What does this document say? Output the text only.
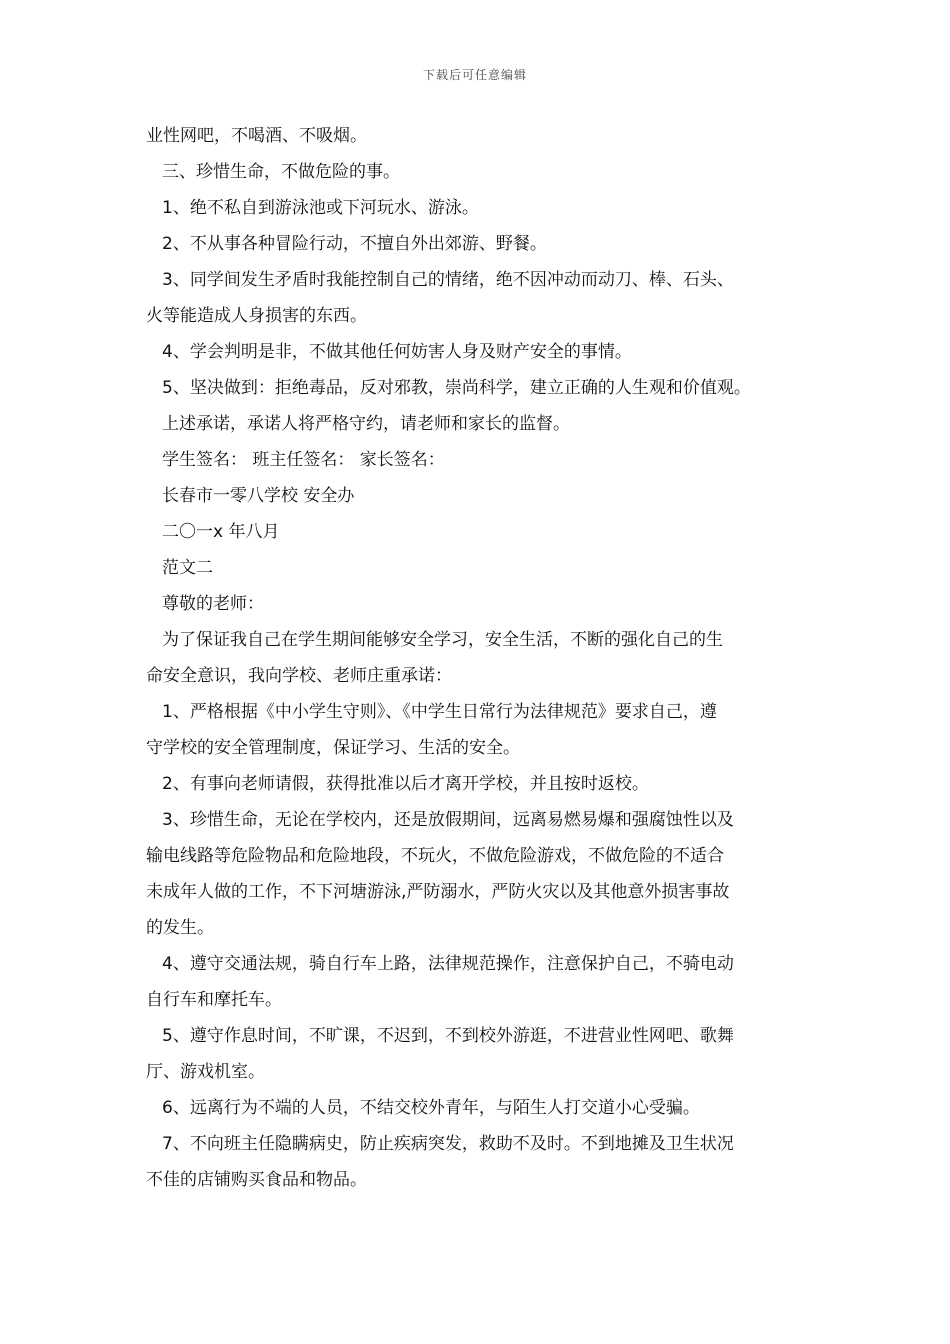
下载后可任意编辑
业性网吧，不喝酒、不吸烟。
三、珍惜生命，不做危险的事。
1、绝不私自到游泳池或下河玩水、游泳。
2、不从事各种冒险行动，不擅自外出郊游、野餐。
3、同学间发生矛盾时我能控制自己的情绪，绝不因冲动而动刀、棒、石头、
火等能造成人身损害的东西。
4、学会判明是非，不做其他任何妨害人身及财产安全的事情。
5、坚决做到：拒绝毒品，反对邪教，崇尚科学，建立正确的人生观和价值观。
上述承诺，承诺人将严格守约，请老师和家长的监督。
学生签名： 班主任签名： 家长签名：
长春市一零八学校 安全办
二〇一x 年八月
范文二
尊敬的老师：
为了保证我自己在学生期间能够安全学习，安全生活，不断的强化自己的生
命安全意识，我向学校、老师庄重承诺：
1、严格根据《中小学生守则》、《中学生日常行为法律规范》要求自己，遵
守学校的安全管理制度，保证学习、生活的安全。
2、有事向老师请假，获得批准以后才离开学校，并且按时返校。
3、珍惜生命，无论在学校内，还是放假期间，远离易燃易爆和强腐蚀性以及
输电线路等危险物品和危险地段，不玩火，不做危险游戏，不做危险的不适合
未成年人做的工作，不下河塘游泳,严防溺水，严防火灾以及其他意外损害事故
的发生。
4、遵守交通法规，骑自行车上路，法律规范操作，注意保护自己，不骑电动
自行车和摩托车。
5、遵守作息时间，不旷课，不迟到，不到校外游逛，不进营业性网吧、歌舞
厅、游戏机室。
6、远离行为不端的人员，不结交校外青年，与陌生人打交道小心受骗。
7、不向班主任隐瞒病史，防止疾病突发，救助不及时。不到地摊及卫生状况
不佳的店铺购买食品和物品。
